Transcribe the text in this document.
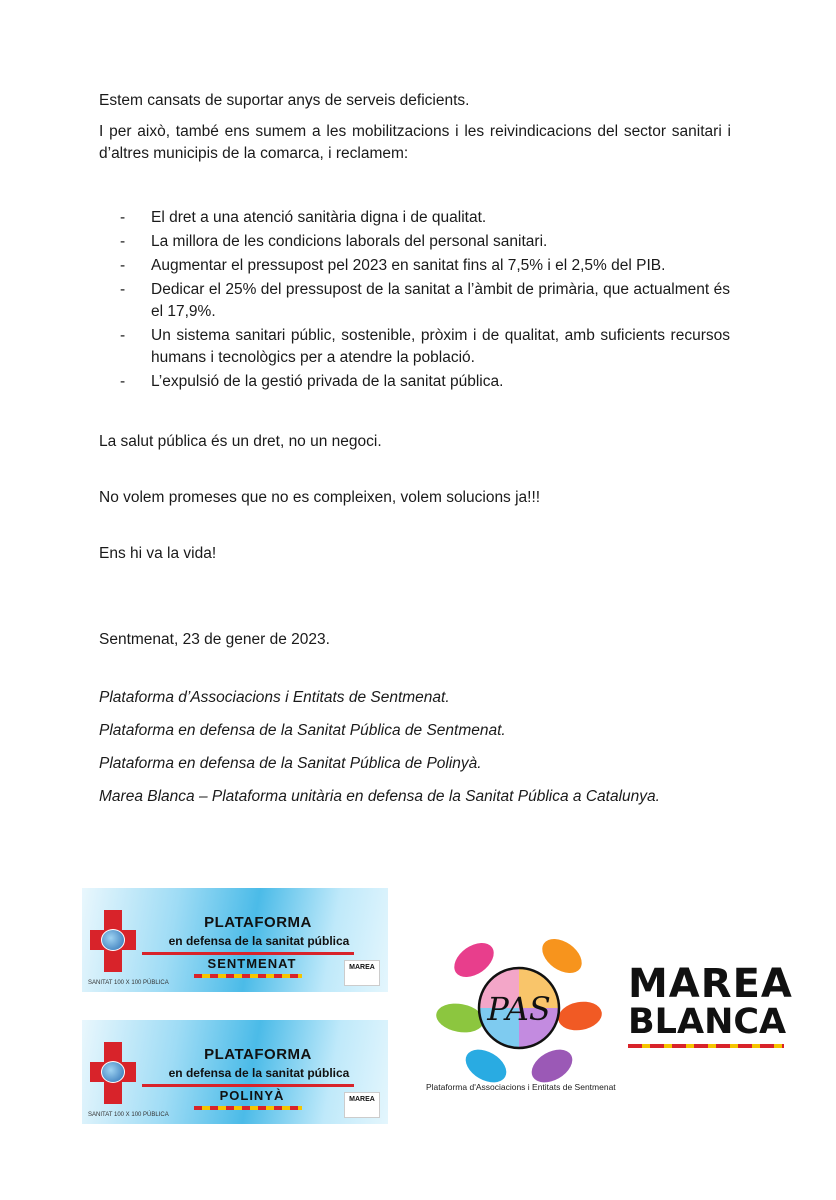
Estem cansats de suportar anys de serveis deficients.

I per això, també ens sumem a les mobilitzacions i les reivindicacions del sector sanitari i d’altres municipis de la comarca, i reclamem:

- El dret a una atenció sanitària digna i de qualitat.
- La millora de les condicions laborals del personal sanitari.
- Augmentar el pressupost pel 2023 en sanitat fins al 7,5% i el 2,5% del PIB.
- Dedicar el 25% del pressupost de la sanitat a l’àmbit de primària, que actualment és el 17,9%.
- Un sistema sanitari públic, sostenible, pròxim i de qualitat, amb suficients recursos humans i tecnològics per a atendre la població.
- L’expulsió de la gestió privada de la sanitat pública.

La salut pública és un dret, no un negoci.

No volem promeses que no es compleixen, volem solucions ja!!!

Ens hi va la vida!

Sentmenat, 23 de gener de 2023.

Plataforma d’Associacions i Entitats de Sentmenat.

Plataforma en defensa de la Sanitat Pública de Sentmenat.

Plataforma en defensa de la Sanitat Pública de Polinyà.

Marea Blanca – Plataforma unitària en defensa de la Sanitat Pública a Catalunya.

PLATAFORMA
en defensa de la sanitat pública
SENTMENAT
SANITAT 100 X 100 PÚBLICA
MAREA
PLATAFORMA
en defensa de la sanitat pública
POLINYÀ
SANITAT 100 X 100 PÚBLICA
MAREA
PAS
Plataforma d'Associacions i Entitats de Sentmenat
MAREA
BLANCA
